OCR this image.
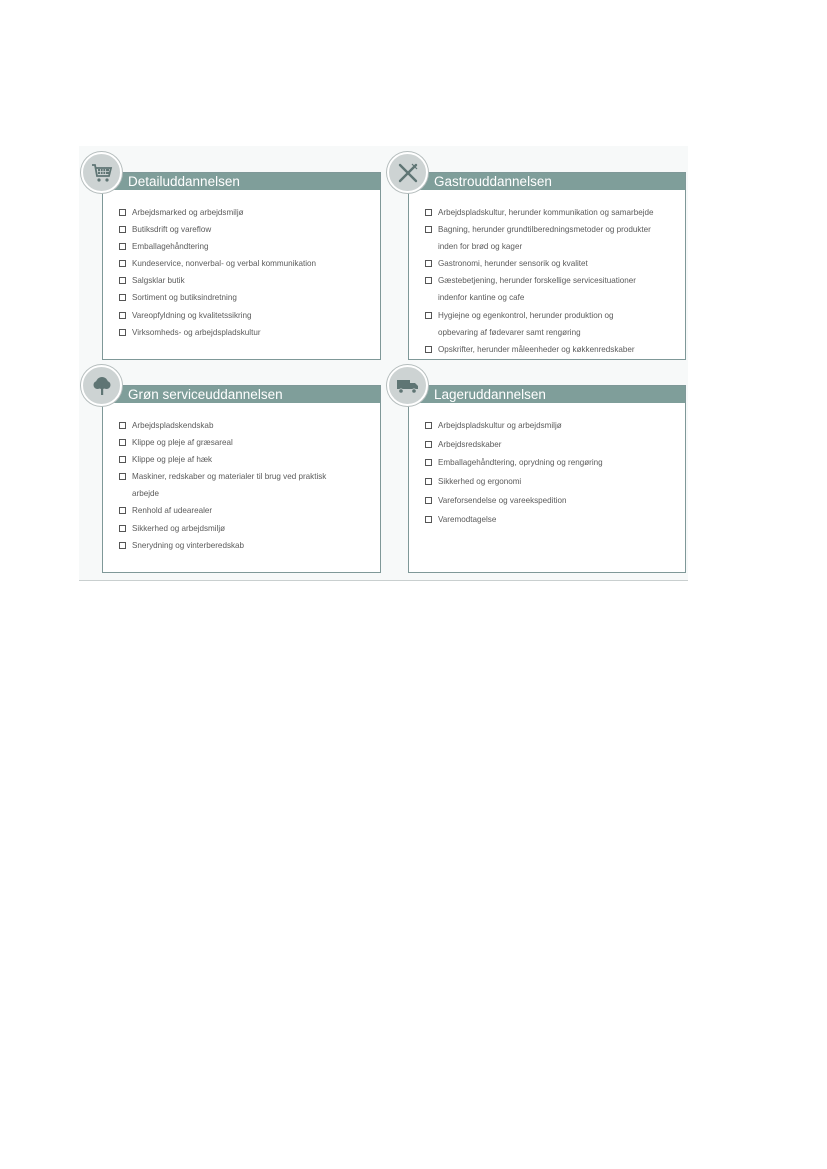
Detailuddannelsen
Arbejdsmarked og arbejdsmiljø
Butiksdrift og vareflow
Emballagehåndtering
Kundeservice, nonverbal- og verbal kommunikation
Salgsklar butik
Sortiment og butiksindretning
Vareopfyldning og kvalitetssikring
Virksomheds- og arbejdspladskultur
Gastrouddannelsen
Arbejdspladskultur, herunder kommunikation og samarbejde
Bagning, herunder grundtilberedningsmetoder og produkter
inden for brød og kager
Gastronomi, herunder sensorik og kvalitet
Gæstebetjening, herunder forskellige servicesituationer
indenfor kantine og cafe
Hygiejne og egenkontrol, herunder produktion og
opbevaring af fødevarer samt rengøring
Opskrifter, herunder måleenheder og køkkenredskaber
Grøn serviceuddannelsen
Arbejdspladskendskab
Klippe og pleje af græsareal
Klippe og pleje af hæk
Maskiner, redskaber og materialer til brug ved praktisk
arbejde
Renhold af udearealer
Sikkerhed og arbejdsmiljø
Snerydning og vinterberedskab
Lageruddannelsen
Arbejdspladskultur og arbejdsmiljø
Arbejdsredskaber
Emballagehåndtering, oprydning og rengøring
Sikkerhed og ergonomi
Vareforsendelse og vareekspedition
Varemodtagelse
